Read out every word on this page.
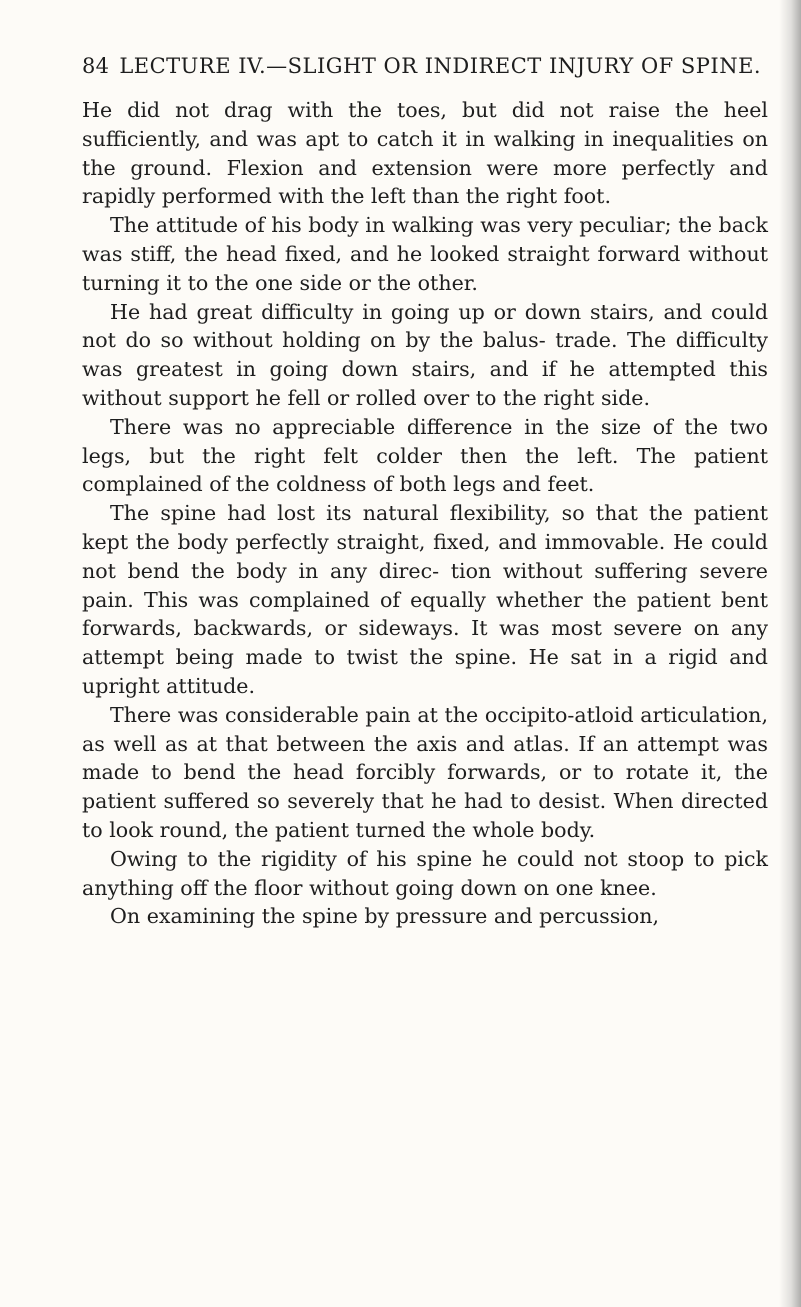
84 LECTURE IV.—SLIGHT OR INDIRECT INJURY OF SPINE.

He did not drag with the toes, but did not raise the heel sufficiently, and was apt to catch it in walking in inequalities on the ground. Flexion and extension were more perfectly and rapidly performed with the left than the right foot.

The attitude of his body in walking was very peculiar; the back was stiff, the head fixed, and he looked straight forward without turning it to the one side or the other.

He had great difficulty in going up or down stairs, and could not do so without holding on by the balus- trade. The difficulty was greatest in going down stairs, and if he attempted this without support he fell or rolled over to the right side.

There was no appreciable difference in the size of the two legs, but the right felt colder then the left. The patient complained of the coldness of both legs and feet.

The spine had lost its natural flexibility, so that the patient kept the body perfectly straight, fixed, and immovable. He could not bend the body in any direc- tion without suffering severe pain. This was complained of equally whether the patient bent forwards, backwards, or sideways. It was most severe on any attempt being made to twist the spine. He sat in a rigid and upright attitude.

There was considerable pain at the occipito-atloid articulation, as well as at that between the axis and atlas. If an attempt was made to bend the head forcibly forwards, or to rotate it, the patient suffered so severely that he had to desist. When directed to look round, the patient turned the whole body.

Owing to the rigidity of his spine he could not stoop to pick anything off the floor without going down on one knee.

On examining the spine by pressure and percussion,
